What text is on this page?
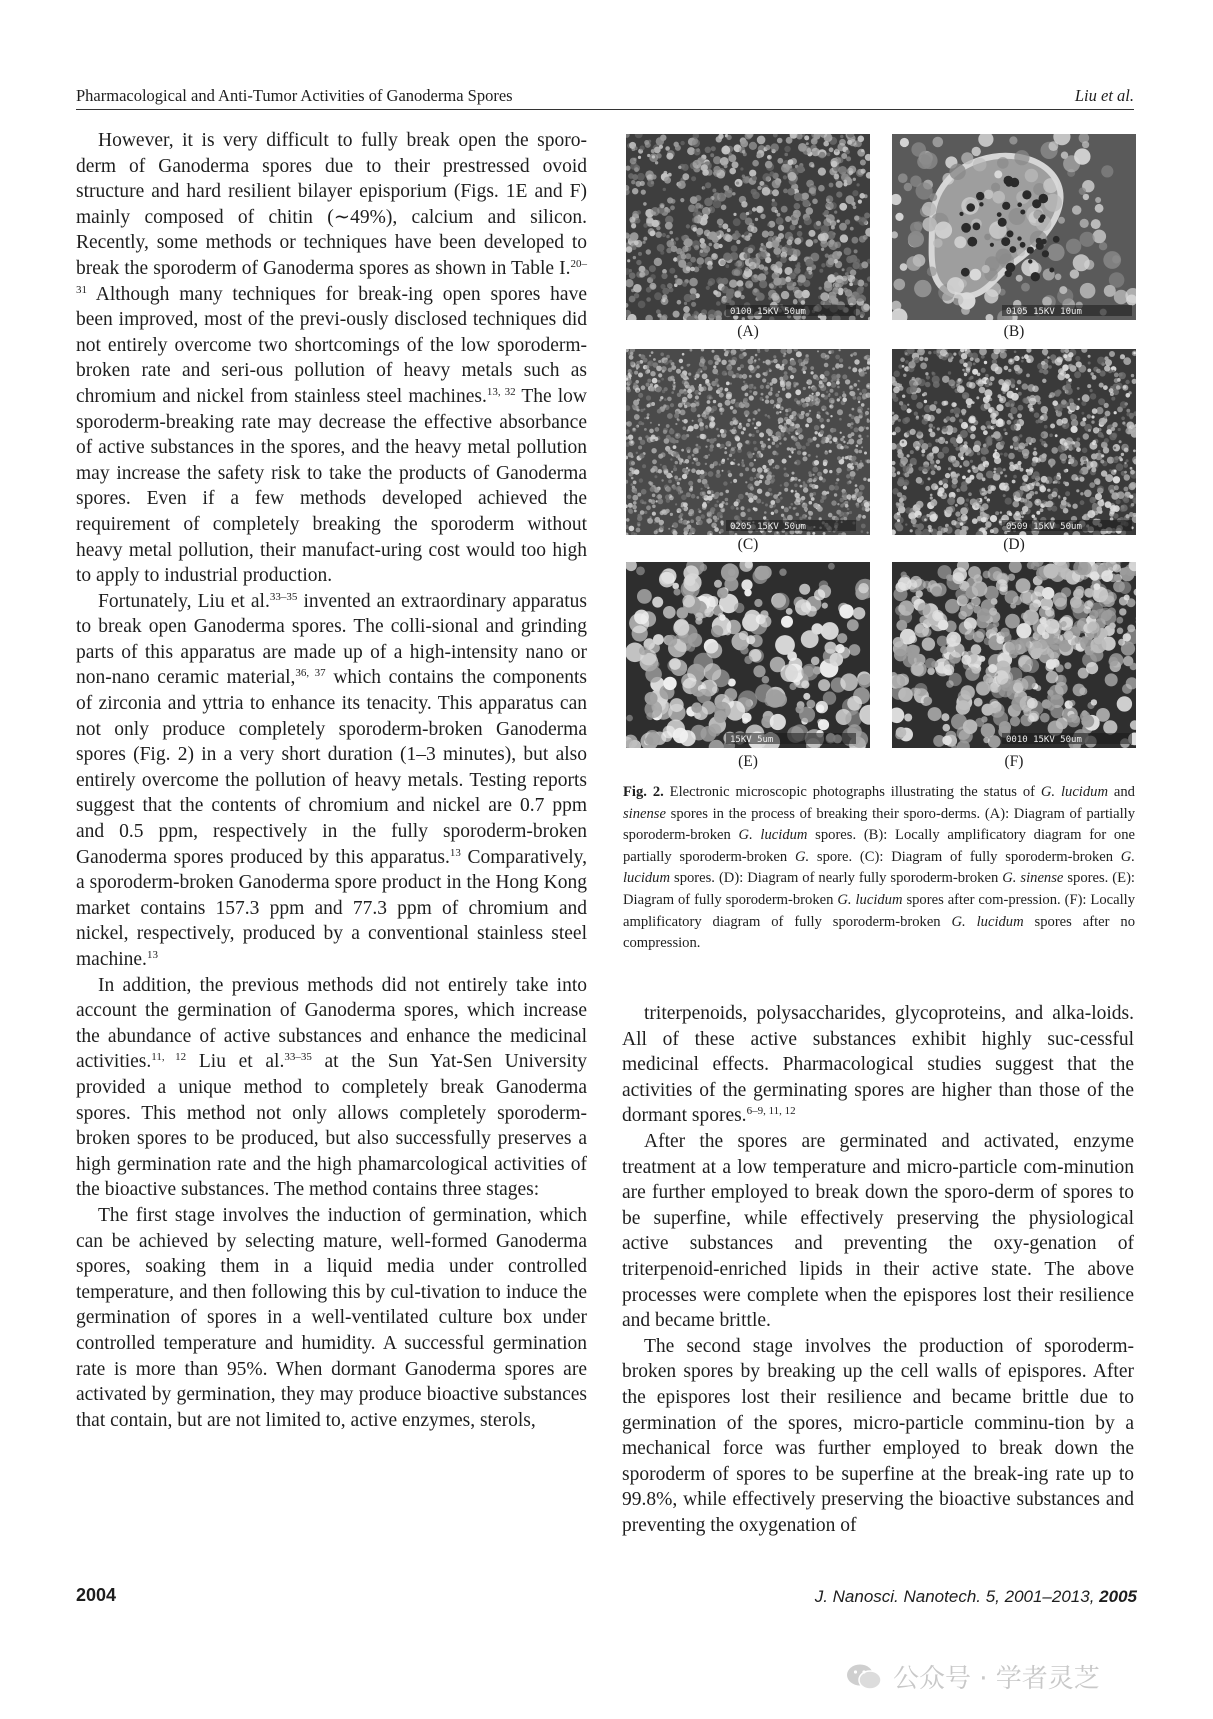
Pharmacological and Anti-Tumor Activities of Ganoderma Spores	Liu et al.

However, it is very difficult to fully break open the sporo-derm of Ganoderma spores due to their prestressed ovoid structure and hard resilient bilayer episporium (Figs. 1E and F) mainly composed of chitin (∼49%), calcium and silicon. Recently, some methods or techniques have been developed to break the sporoderm of Ganoderma spores as shown in Table I.$^{20-31}$ Although many techniques for break-ing open spores have been improved, most of the previ-ously disclosed techniques did not entirely overcome two shortcomings of the low sporoderm-broken rate and seri-ous pollution of heavy metals such as chromium and nickel from stainless steel machines.$^{13, 32}$ The low sporoderm-breaking rate may decrease the effective absorbance of active substances in the spores, and the heavy metal pollution may increase the safety risk to take the products of Ganoderma spores. Even if a few methods developed achieved the requirement of completely breaking the sporoderm without heavy metal pollution, their manufact-uring cost would too high to apply to industrial production.

Fortunately, Liu et al.$^{33-35}$ invented an extraordinary apparatus to break open Ganoderma spores. The colli-sional and grinding parts of this apparatus are made up of a high-intensity nano or non-nano ceramic material,$^{36, 37}$ which contains the components of zirconia and yttria to enhance its tenacity. This apparatus can not only produce completely sporoderm-broken Ganoderma spores (Fig. 2) in a very short duration (1–3 minutes), but also entirely overcome the pollution of heavy metals. Testing reports suggest that the contents of chromium and nickel are 0.7 ppm and 0.5 ppm, respectively in the fully sporoderm-broken Ganoderma spores produced by this apparatus.$^{13}$ Comparatively, a sporoderm-broken Ganoderma spore product in the Hong Kong market contains 157.3 ppm and 77.3 ppm of chromium and nickel, respectively, produced by a conventional stainless steel machine.$^{13}$

In addition, the previous methods did not entirely take into account the germination of Ganoderma spores, which increase the abundance of active substances and enhance the medicinal activities.$^{11, 12}$ Liu et al.$^{33-35}$ at the Sun Yat-Sen University provided a unique method to completely break Ganoderma spores. This method not only allows completely sporoderm-broken spores to be produced, but also successfully preserves a high germination rate and the high phamarcological activities of the bioactive substances. The method contains three stages:

The first stage involves the induction of germination, which can be achieved by selecting mature, well-formed Ganoderma spores, soaking them in a liquid media under controlled temperature, and then following this by cul-tivation to induce the germination of spores in a well-ventilated culture box under controlled temperature and humidity. A successful germination rate is more than 95%. When dormant Ganoderma spores are activated by germination, they may produce bioactive substances that contain, but are not limited to, active enzymes, sterols,

0100 15KV 50um
(A)
0105 15KV 10um
(B)
0205 15KV 50um
(C)
0509 15KV 50um
(D)
15KV 5um
(E)
0010 15KV 50um
(F)
Fig. 2. Electronic microscopic photographs illustrating the status of G. lucidum and sinense spores in the process of breaking their sporo-derms. (A): Diagram of partially sporoderm-broken G. lucidum spores. (B): Locally amplificatory diagram for one partially sporoderm-broken G. spore. (C): Diagram of fully sporoderm-broken G. lucidum spores. (D): Diagram of nearly fully sporoderm-broken G. sinense spores. (E): Diagram of fully sporoderm-broken G. lucidum spores after com-pression. (F): Locally amplificatory diagram of fully sporoderm-broken G. lucidum spores after no compression.

triterpenoids, polysaccharides, glycoproteins, and alka-loids. All of these active substances exhibit highly suc-cessful medicinal effects. Pharmacological studies suggest that the activities of the germinating spores are higher than those of the dormant spores.$^{6-9, 11, 12}$

After the spores are germinated and activated, enzyme treatment at a low temperature and micro-particle com-minution are further employed to break down the sporo-derm of spores to be superfine, while effectively preserving the physiological active substances and preventing the oxy-genation of triterpenoid-enriched lipids in their active state. The above processes were complete when the epispores lost their resilience and became brittle.

The second stage involves the production of sporoderm-broken spores by breaking up the cell walls of epispores. After the epispores lost their resilience and became brittle due to germination of the spores, micro-particle comminu-tion by a mechanical force was further employed to break down the sporoderm of spores to be superfine at the break-ing rate up to 99.8%, while effectively preserving the bioactive substances and preventing the oxygenation of

2004	J. Nanosci. Nanotech. 5, 2001–2013, 2005
公众号 · 学者灵芝
